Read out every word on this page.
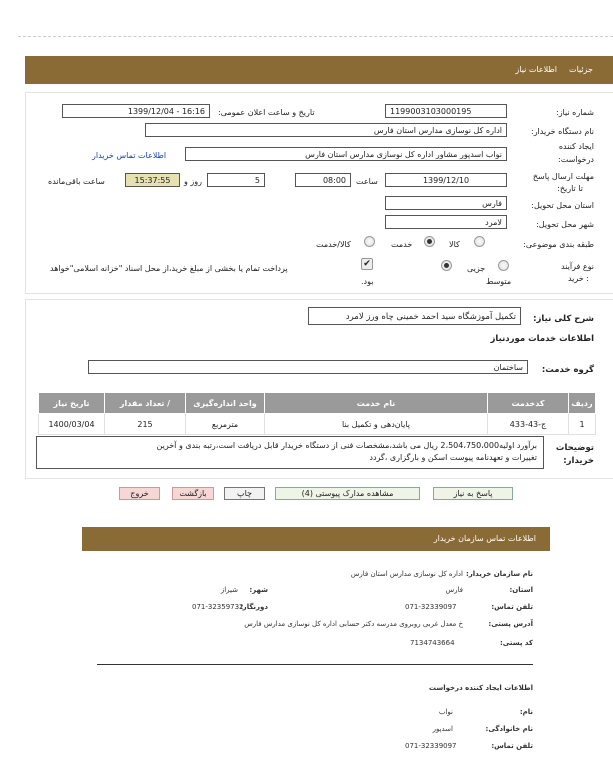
جزئیات
اطلاعات نیاز
شماره نیاز:
1199003103000195
تاریخ و ساعت اعلان عمومی:
1399/12/04 - 16:16
نام دستگاه خریدار:
اداره کل نوسازی مدارس استان فارس
ایجاد کننده
درخواست:
نواب اسدپور مشاور اداره کل نوسازی مدارس استان فارس
اطلاعات تماس خریدار
مهلت ارسال پاسخ
تا تاریخ:
1399/12/10
ساعت
08:00
5
روز و
15:37:55
ساعت باقی‌مانده
استان محل تحویل:
فارس
شهر محل تحویل:
لامرد
طبقه بندی موضوعی:
کالا
خدمت
کالا/خدمت
نوع فرآیند
: خرید
جزیی
متوسط
✔
پرداخت تمام یا بخشی از مبلغ خرید،از محل اسناد "خزانه اسلامی"خواهد
بود.
شرح کلی نیاز:
تکمیل آموزشگاه سید احمد خمینی چاه ورز لامرد
اطلاعات خدمات موردنیاز
گروه خدمت:
ساختمان
ردیف	کدخدمت	نام خدمت	واحد اندازه‌گیری	/ تعداد مقدار	تاریخ نیاز
1	ج-43-433	پایان‌دهی و تکمیل بنا	مترمربع	215	1400/03/04
توضیحات
خریدار:
برآورد اولیه2،504،750،000 ریال می باشد،مشخصات فنی از دستگاه خریدار قابل دریافت است،رتبه بندی و آخرین
تغییرات و تعهدنامه پیوست اسکن و بارگزاری ،گردد
پاسخ به نیاز
مشاهده مدارک پیوستی (4)
چاپ
بازگشت
خروج
اطلاعات تماس سازمان خریدار
نام سازمان خریدار:
اداره کل نوسازی مدارس استان فارس
استان:
فارس
شهر:
شیراز
تلفن تماس:
071-32339097
دورنگار:
071-32359732
آدرس پستی:
خ معدل غربی روبروی مدرسه دکتر حسابی اداره کل نوسازی مدارس فارس
کد پستی:
7134743664
اطلاعات ایجاد کننده درخواست
نام:
نواب
نام خانوادگی:
اسدپور
تلفن تماس:
071-32339097
